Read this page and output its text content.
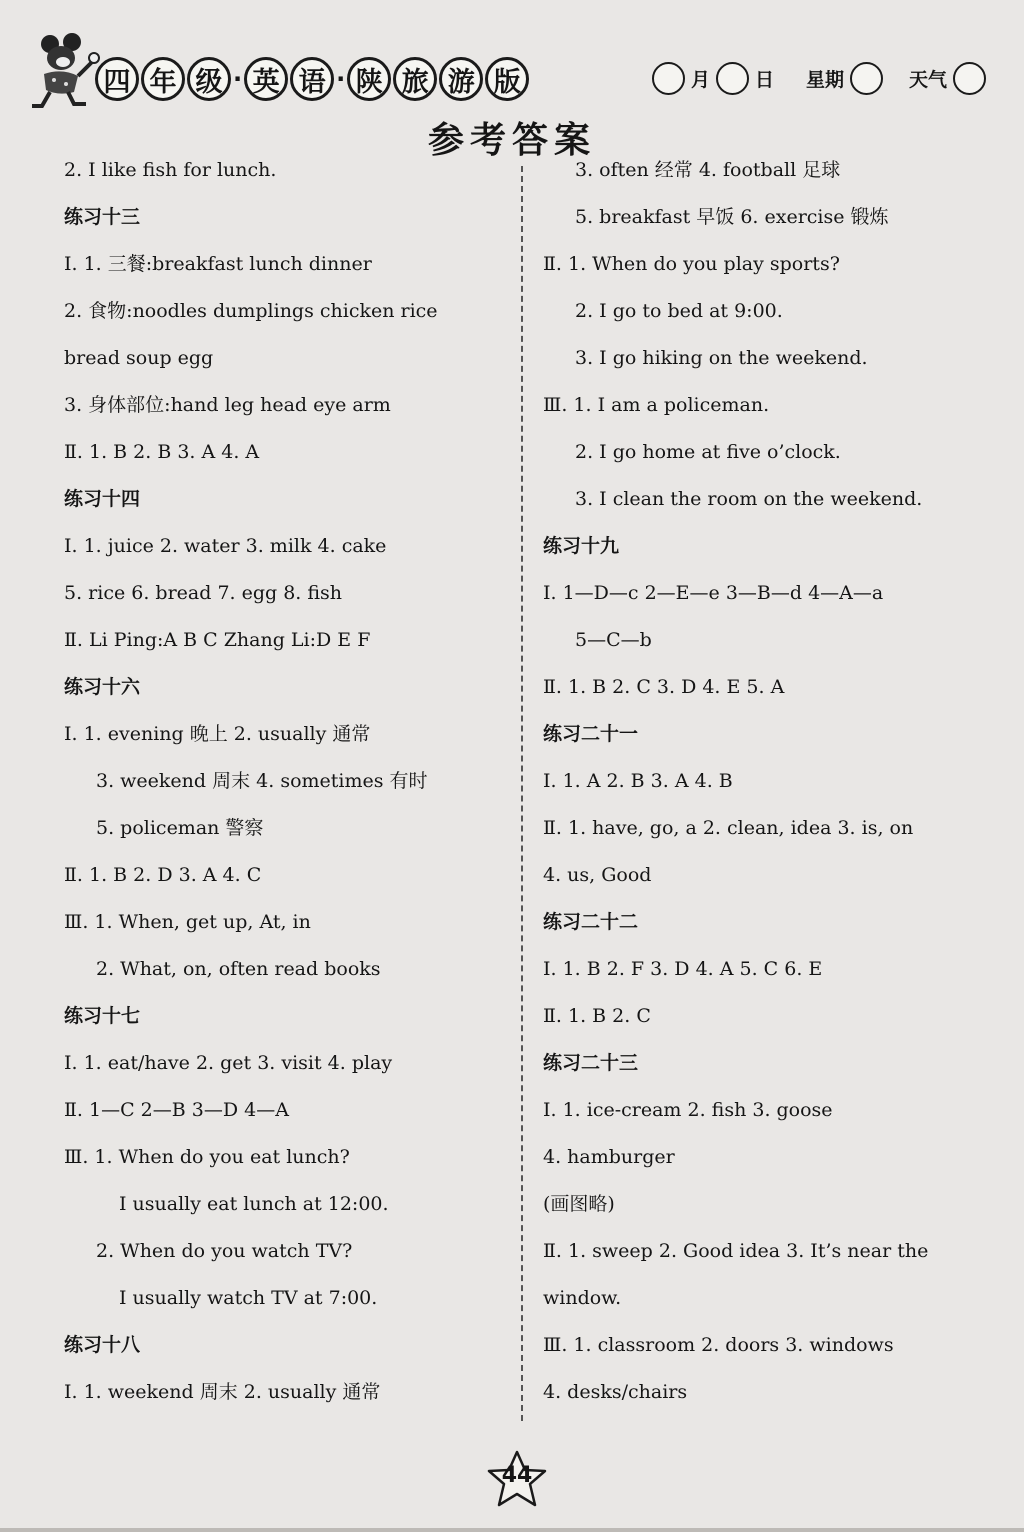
四 年 级 · 英 语 · 陕 旅 游 版	月 日 星期	天气
参考答案
2. I like fish for lunch.
练习十三
Ⅰ. 1. 三餐:breakfast lunch dinner
2. 食物:noodles dumplings chicken rice
bread soup egg
3. 身体部位:hand leg head eye arm
Ⅱ. 1. B 2. B 3. A 4. A
练习十四
Ⅰ. 1. juice 2. water 3. milk 4. cake
5. rice 6. bread 7. egg 8. fish
Ⅱ. Li Ping:A B C Zhang Li:D E F
练习十六
Ⅰ. 1. evening 晚上 2. usually 通常
3. weekend 周末 4. sometimes 有时
5. policeman 警察
Ⅱ. 1. B 2. D 3. A 4. C
Ⅲ. 1. When, get up, At, in
2. What, on, often read books
练习十七
Ⅰ. 1. eat/have 2. get 3. visit 4. play
Ⅱ. 1—C 2—B 3—D 4—A
Ⅲ. 1. When do you eat lunch?
I usually eat lunch at 12:00.
2. When do you watch TV?
I usually watch TV at 7:00.
练习十八
Ⅰ. 1. weekend 周末 2. usually 通常
3. often 经常 4. football 足球
5. breakfast 早饭 6. exercise 锻炼
Ⅱ. 1. When do you play sports?
2. I go to bed at 9:00.
3. I go hiking on the weekend.
Ⅲ. 1. I am a policeman.
2. I go home at five o’clock.
3. I clean the room on the weekend.
练习十九
Ⅰ. 1—D—c 2—E—e 3—B—d 4—A—a
5—C—b
Ⅱ. 1. B 2. C 3. D 4. E 5. A
练习二十一
Ⅰ. 1. A 2. B 3. A 4. B
Ⅱ. 1. have, go, a 2. clean, idea 3. is, on
4. us, Good
练习二十二
Ⅰ. 1. B 2. F 3. D 4. A 5. C 6. E
Ⅱ. 1. B 2. C
练习二十三
Ⅰ. 1. ice-cream 2. fish 3. goose
4. hamburger
(画图略)
Ⅱ. 1. sweep 2. Good idea 3. It’s near the
window.
Ⅲ. 1. classroom 2. doors 3. windows
4. desks/chairs
44
